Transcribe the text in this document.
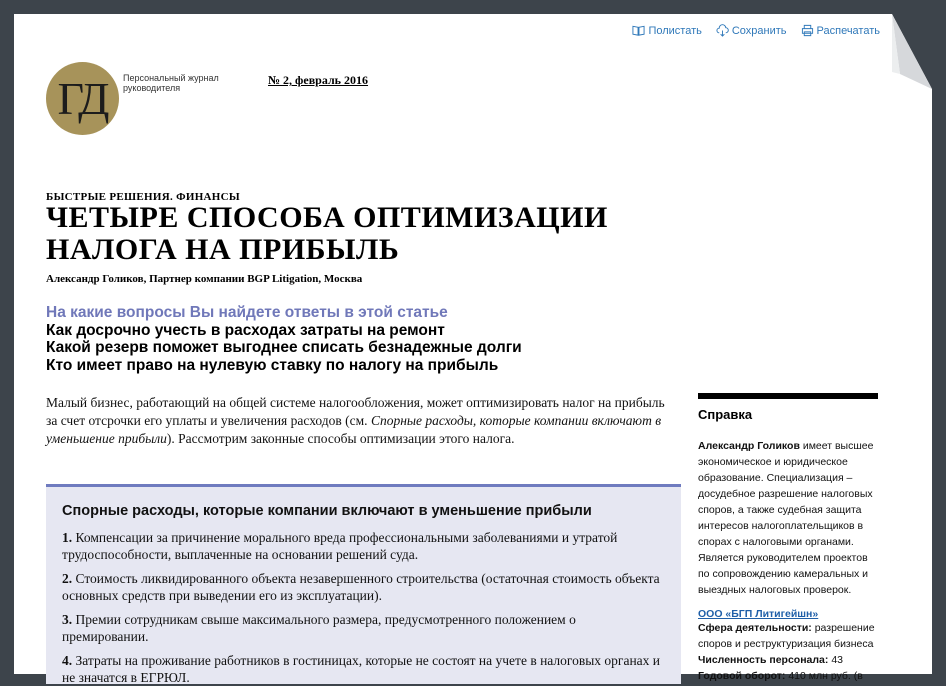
Полистать	Сохранить	Распечатать
ГД Персональный журнал руководителя
№ 2, февраль 2016
БЫСТРЫЕ РЕШЕНИЯ. ФИНАНСЫ
ЧЕТЫРЕ СПОСОБА ОПТИМИЗАЦИИ НАЛОГА НА ПРИБЫЛЬ
Александр Голиков, Партнер компании BGP Litigation, Москва
На какие вопросы Вы найдете ответы в этой статье
Как досрочно учесть в расходах затраты на ремонт
Какой резерв поможет выгоднее списать безнадежные долги
Кто имеет право на нулевую ставку по налогу на прибыль

Малый бизнес, работающий на общей системе налогообложения, может оптимизировать налог на прибыль за счет отсрочки его уплаты и увеличения расходов (см. Спорные расходы, которые компании включают в уменьшение прибыли). Рассмотрим законные способы оптимизации этого налога.

Спорные расходы, которые компании включают в уменьшение прибыли
1. Компенсации за причинение морального вреда профессиональными заболеваниями и утратой трудоспособности, выплаченные на основании решений суда.
2. Стоимость ликвидированного объекта незавершенного строительства (остаточная стоимость объекта основных средств при выведении его из эксплуатации).
3. Премии сотрудникам свыше максимального размера, предусмотренного положением о премировании.
4. Затраты на проживание работников в гостиницах, которые не состоят на учете в налоговых органах и не значатся в ЕГРЮЛ.
Справка
Александр Голиков имеет высшее экономическое и юридическое образование. Специализация – досудебное разрешение налоговых споров, а также судебная защита интересов налогоплательщиков в спорах с налоговыми органами. Является руководителем проектов по сопровождению камеральных и выездных налоговых проверок.
ООО «БГП Литигейшн»
Сфера деятельности: разрешение споров и реструктуризация бизнеса
Численность персонала: 43
Годовой оборот: 410 млн руб. (в
